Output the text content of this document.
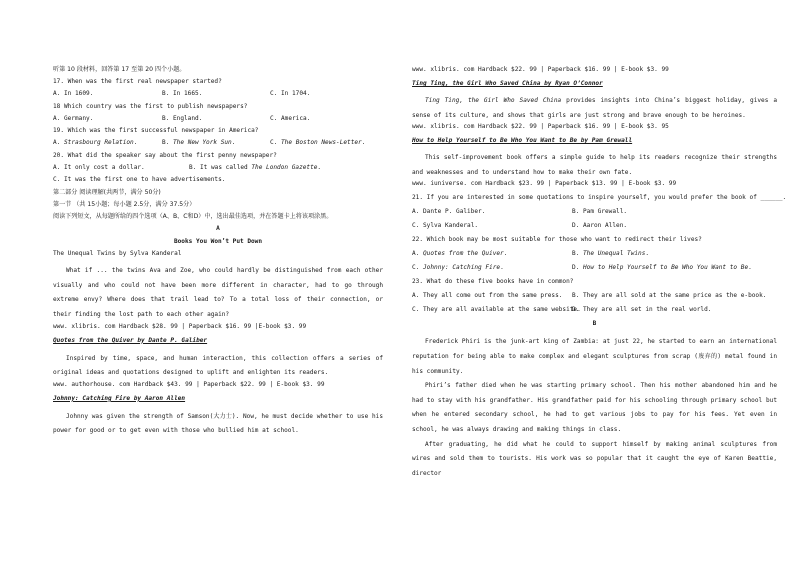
听第 10 段材料，回答第 17 至第 20 四个小题。
17. When was the first real newspaper started?
A. In 1609.	B. In 1665.	C. In 1704.
18 Which country was the first to publish newspapers?
A. Germany.	B. England.	C. America.
19. Which was the first successful newspaper in America?
A. Strasbourg Relation.	B. The New York Sun.	C. The Boston News-Letter.
20. What did the speaker say about the first penny newspaper?
A. It only cost a dollar.	B. It was called The London Gazette.
C. It was the first one to have advertisements.
第二部分 阅读理解(共两节，满分 50分)
第一节 （共 15小题；每小题 2.5分，满分 37.5分）
阅读下列短文，从每题所给的四个选项（A、B、C和D）中，选出最佳选项，并在答题卡上将该项涂黑。
A
Books You Won’t Put Down
The Unequal Twins by Sylva Kanderal

What if ... the twins Ava and Zoe, who could hardly be distinguished from each other visually and who could not have been more different in character, had to go through extreme envy? Where does that trail lead to? To a total loss of their connection, or their finding the lost path to each other again?

www. xlibris. com Hardback $28. 99 | Paperback $16. 99 |E-book $3. 99
Quotes from the Quiver by Dante P. Galiber

Inspired by time, space, and human interaction, this collection offers a series of original ideas and quotations designed to uplift and enlighten its readers.

www. authorhouse. com Hardback $43. 99 | Paperback $22. 99 | E-book $3. 99
Johnny: Catching Fire by Aaron Allen

Johnny was given the strength of Samson(大力士). Now, he must decide whether to use his power for good or to get even with those who bullied him at school.

www. xlibris. com Hardback $22. 99 | Paperback $16. 99 | E-book $3. 99
Ting Ting, the Girl Who Saved China by Ryan O’Connor

Ting Ting, the Girl Who Saved China provides insights into China’s biggest holiday, gives a sense of its culture, and shows that girls are just strong and brave enough to be heroines.

www. xlibris. com Hardback $22. 99 | Paperback $16. 99 | E-book $3. 95
How to Help Yourself to Be Who You Want to Be by Pam Grewall

This self-improvement book offers a simple guide to help its readers recognize their strengths and weaknesses and to understand how to make their own fate.

www. iuniverse. com Hardback $23. 99 | Paperback $13. 99 | E-book $3. 99
21. If you are interested in some quotations to inspire yourself, you would prefer the book of ______.
A. Dante P. Galiber.	B. Pam Grewall.
C. Sylva Kanderal.	D. Aaron Allen.
22. Which book may be most suitable for those who want to redirect their lives?
A. Quotes from the Quiver.	B. The Unequal Twins.
C. Johnny: Catching Fire.	D. How to Help Yourself to Be Who You Want to Be.
23. What do these five books have in common?
A. They all come out from the same press. B. They are all sold at the same price as the e-book.
C. They are all available at the same website.
D. They are all set in the real world.
B

Frederick Phiri is the junk-art king of Zambia: at just 22, he started to earn an international reputation for being able to make complex and elegant sculptures from scrap (废弃的) metal found in his community.

Phiri’s father died when he was starting primary school. Then his mother abandoned him and he had to stay with his grandfather. His grandfather paid for his schooling through primary school but when he entered secondary school, he had to get various jobs to pay for his fees. Yet even in school, he was always drawing and making things in class.

After graduating, he did what he could to support himself by making animal sculptures from wires and sold them to tourists. His work was so popular that it caught the eye of Karen Beattie, director
